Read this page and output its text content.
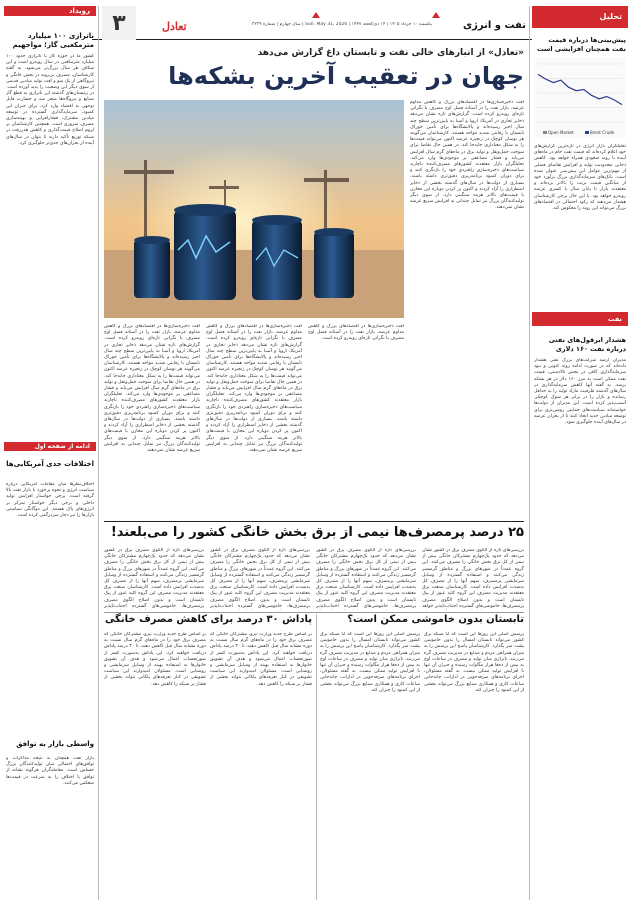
نفت و انرژی
یکشنبه ۱۰ خرداد ۱۴۰۵ | ۱۴ ذی‌الحجه ۱۴۴۷ | Sun. May 31, 2026 | سال چهارم | شماره ۳۲۳۹
تعادل
۳
رویداد
ناترازی ۱۰۰ میلیارد مترمکعبی گاز؛ مواجهیم
کشور ما در حوزه گاز با ناترازی حدود ۱۰۰ میلیارد مترمکعبی در سال روبه‌رو است و این شکاف هر سال بزرگ‌تر می‌شود. به گفته کارشناسان، مصرف بی‌رویه در بخش خانگی و نیروگاهی از یک سو و افت تولید میادین قدیمی از سوی دیگر این وضعیت را پدید آورده است. در زمستان‌های گذشته این ناترازی به قطع گاز صنایع و نیروگاه‌ها منجر شد و خسارت قابل توجهی به اقتصاد وارد کرد. برای جبران این کمبود، سرمایه‌گذاری گسترده در توسعه میادین مشترک، فشارافزایی و بهینه‌سازی مصرف ضروری است. همچنین کارشناسان بر لزوم اصلاح قیمت‌گذاری و کاهش هدررفت در شبکه توزیع تأکید دارند تا بتوان در سال‌های آینده از بحران‌های جدی‌تر جلوگیری کرد.
ادامه از صفحه اول
اختلافات جدی آمریکایی‌ها
اختلاف‌نظرها میان مقامات آمریکایی درباره سیاست انرژی و نحوه برخورد با بازار نفت بالا گرفته است. برخی خواستار افزایش تولید داخلی و برخی دیگر خواستار تمرکز بر انرژی‌های پاک هستند. این دوگانگی سیاستی بازارها را نیز دچار سردرگمی کرده است.
واسطی بازار به توافق
بازار نفت همچنان به نتیجه مذاکرات و توافق‌های احتمالی میان تولیدکنندگان بزرگ حساس است. معامله‌گران هرگونه نشانه از توافق یا اختلاف را به سرعت در قیمت‌ها منعکس می‌کنند.
تحلیل
پیش‌بینی‌ها درباره قیمت نفت همچنان افزایشی است
Open Market	Brent Crude
تحلیلگران بازار انرژی در تازه‌ترین گزارش‌های خود اعلام کرده‌اند که قیمت نفت خام در ماه‌های آینده با روند صعودی همراه خواهد بود. کاهش ذخایر، محدودیت تولید و افزایش تقاضای فصلی از مهم‌ترین عوامل این پیش‌بینی عنوان شده است. بانک‌های سرمایه‌گذاری بزرگ برآورد خود از میانگین قیمت برنت را بالاتر برده‌اند و معتقدند بازار تا پایان سال با کسری عرضه روبه‌رو خواهد بود. با این حال برخی کارشناسان هشدار می‌دهند که رکود احتمالی در اقتصادهای بزرگ می‌تواند این روند را معکوس کند.
نفت
هشدار ابرقول‌های نفتی درباره نفت ۱۶۰ دلاری
مدیران ارشد شرکت‌های بزرگ نفتی هشدار داده‌اند که در صورت ادامه روند کنونی و نبود سرمایه‌گذاری کافی در بخش بالادستی، قیمت نفت ممکن است به مرز ۱۶۰ دلار در هر بشکه برسد. به گفته آنها کاهش سرمایه‌گذاری در سال‌های گذشته ظرفیت مازاد تولید را به حداقل رسانده و بازار را در برابر هر شوک کوچکی آسیب‌پذیر کرده است. این مدیران از دولت‌ها خواسته‌اند سیاست‌های حمایتی روشن‌تری برای توسعه میادین جدید اتخاذ کنند تا از بحران عرضه در سال‌های آینده جلوگیری شود.
«تعادل» از انبارهای خالی نفت و تابستان داغ گزارش می‌دهد
جهان در تعقیب آخرین بشکه‌ها
افت ذخیره‌سازی‌ها در اقتصادهای بزرگ و کاهش مداوم عرضه، بازار نفت را در آستانه فصل اوج مصرف با نگرانی تازه‌ای روبه‌رو کرده است. گزارش‌های تازه نشان می‌دهد ذخایر تجاری در آمریکا، اروپا و آسیا به پایین‌ترین سطح چند سال اخیر رسیده‌اند و پالایشگاه‌ها برای تأمین خوراک تابستان با رقابتی شدید مواجه هستند. کارشناسان می‌گویند هر نوسان کوچک در زنجیره عرضه اکنون می‌تواند قیمت‌ها را به شکل معناداری جابه‌جا کند. در همین حال تقاضا برای سوخت حمل‌ونقل و تولید برق در ماه‌های گرم سال افزایش می‌یابد و فشار مضاعفی بر موجودی‌ها وارد می‌کند. تحلیلگران بازار معتقدند کشورهای مصرف‌کننده ناچارند سیاست‌های ذخیره‌سازی راهبردی خود را بازنگری کنند و برای دوران کمبود برنامه‌ریزی دقیق‌تری داشته باشند. بسیاری از دولت‌ها در سال‌های گذشته بخشی از ذخایر اضطراری را آزاد کردند و اکنون پر کردن دوباره این مخازن با قیمت‌های بالاتر هزینه سنگینی دارد. از سوی دیگر تولیدکنندگان بزرگ نیز تمایل چندانی به افزایش سریع عرضه نشان نمی‌دهند.
افت ذخیره‌سازی‌ها در اقتصادهای بزرگ و کاهش مداوم عرضه، بازار نفت را در آستانه فصل اوج مصرف با نگرانی تازه‌ای روبه‌رو کرده است. گزارش‌های تازه نشان می‌دهد ذخایر تجاری در آمریکا، اروپا و آسیا به پایین‌ترین سطح چند سال اخیر رسیده‌اند و پالایشگاه‌ها برای تأمین خوراک تابستان با رقابتی شدید مواجه هستند. کارشناسان می‌گویند هر نوسان کوچک در زنجیره عرضه اکنون می‌تواند قیمت‌ها را به شکل معناداری جابه‌جا کند. در همین حال تقاضا برای سوخت حمل‌ونقل و تولید برق در ماه‌های گرم سال افزایش می‌یابد و فشار مضاعفی بر موجودی‌ها وارد می‌کند. تحلیلگران بازار معتقدند کشورهای مصرف‌کننده ناچارند سیاست‌های ذخیره‌سازی راهبردی خود را بازنگری کنند و برای دوران کمبود برنامه‌ریزی دقیق‌تری داشته باشند. بسیاری از دولت‌ها در سال‌های گذشته بخشی از ذخایر اضطراری را آزاد کردند و اکنون پر کردن دوباره این مخازن با قیمت‌های بالاتر هزینه سنگینی دارد. از سوی دیگر تولیدکنندگان بزرگ نیز تمایل چندانی به افزایش سریع عرضه نشان نمی‌دهند.
افت ذخیره‌سازی‌ها در اقتصادهای بزرگ و کاهش مداوم عرضه، بازار نفت را در آستانه فصل اوج مصرف با نگرانی تازه‌ای روبه‌رو کرده است. گزارش‌های تازه نشان می‌دهد ذخایر تجاری در آمریکا، اروپا و آسیا به پایین‌ترین سطح چند سال اخیر رسیده‌اند و پالایشگاه‌ها برای تأمین خوراک تابستان با رقابتی شدید مواجه هستند. کارشناسان می‌گویند هر نوسان کوچک در زنجیره عرضه اکنون می‌تواند قیمت‌ها را به شکل معناداری جابه‌جا کند. در همین حال تقاضا برای سوخت حمل‌ونقل و تولید برق در ماه‌های گرم سال افزایش می‌یابد و فشار مضاعفی بر موجودی‌ها وارد می‌کند. تحلیلگران بازار معتقدند کشورهای مصرف‌کننده ناچارند سیاست‌های ذخیره‌سازی راهبردی خود را بازنگری کنند و برای دوران کمبود برنامه‌ریزی دقیق‌تری داشته باشند. بسیاری از دولت‌ها در سال‌های گذشته بخشی از ذخایر اضطراری را آزاد کردند و اکنون پر کردن دوباره این مخازن با قیمت‌های بالاتر هزینه سنگینی دارد. از سوی دیگر تولیدکنندگان بزرگ نیز تمایل چندانی به افزایش سریع عرضه نشان نمی‌دهند.
افت ذخیره‌سازی‌ها در اقتصادهای بزرگ و کاهش مداوم عرضه، بازار نفت را در آستانه فصل اوج مصرف با نگرانی تازه‌ای روبه‌رو کرده است.
۲۵ درصد پرمصرف‌ها نیمی از برق بخش خانگی کشور را می‌بلعند!
بررسی‌های تازه از الگوی مصرف برق در کشور نشان می‌دهد که حدود یک‌چهارم مشترکان خانگی بیش از نیمی از کل برق بخش خانگی را مصرف می‌کنند. این گروه عمدتاً در شهرهای بزرگ و مناطق گرمسیر زندگی می‌کنند و استفاده گسترده از وسایل سرمایشی پرمصرف، سهم آنها را از مصرف کل به‌شدت افزایش داده است. کارشناسان صنعت برق معتقدند مدیریت مصرف این گروه کلید عبور از پیک تابستان است و بدون اصلاح الگوی مصرف پرمصرف‌ها، خاموشی‌های گسترده اجتناب‌ناپذیر
بررسی‌های تازه از الگوی مصرف برق در کشور نشان می‌دهد که حدود یک‌چهارم مشترکان خانگی بیش از نیمی از کل برق بخش خانگی را مصرف می‌کنند. این گروه عمدتاً در شهرهای بزرگ و مناطق گرمسیر زندگی می‌کنند و استفاده گسترده از وسایل سرمایشی پرمصرف، سهم آنها را از مصرف کل به‌شدت افزایش داده است. کارشناسان صنعت برق معتقدند مدیریت مصرف این گروه کلید عبور از پیک تابستان است و بدون اصلاح الگوی مصرف پرمصرف‌ها، خاموشی‌های گسترده اجتناب‌ناپذیر
بررسی‌های تازه از الگوی مصرف برق در کشور نشان می‌دهد که حدود یک‌چهارم مشترکان خانگی بیش از نیمی از کل برق بخش خانگی را مصرف می‌کنند. این گروه عمدتاً در شهرهای بزرگ و مناطق گرمسیر زندگی می‌کنند و استفاده گسترده از وسایل سرمایشی پرمصرف، سهم آنها را از مصرف کل به‌شدت افزایش داده است. کارشناسان صنعت برق معتقدند مدیریت مصرف این گروه کلید عبور از پیک تابستان است و بدون اصلاح الگوی مصرف پرمصرف‌ها، خاموشی‌های گسترده اجتناب‌ناپذیر
بررسی‌های تازه از الگوی مصرف برق در کشور نشان می‌دهد که حدود یک‌چهارم مشترکان خانگی بیش از نیمی از کل برق بخش خانگی را مصرف می‌کنند. این گروه عمدتاً در شهرهای بزرگ و مناطق گرمسیر زندگی می‌کنند و استفاده گسترده از وسایل سرمایشی پرمصرف، سهم آنها را از مصرف کل به‌شدت افزایش داده است. کارشناسان صنعت برق معتقدند مدیریت مصرف این گروه کلید عبور از پیک تابستان است و بدون اصلاح الگوی مصرف پرمصرف‌ها، خاموشی‌های گسترده اجتناب‌ناپذیر خواهد
تابستان بدون خاموشی ممکن است؟
پرسش اصلی این روزها این است که آیا شبکه برق کشور می‌تواند تابستان امسال را بدون خاموشی پشت سر بگذارد. کارشناسان پاسخ این پرسش را به میزان همراهی مردم و صنایع در مدیریت مصرف گره می‌زنند. ناترازی میان تولید و مصرف در ساعات اوج به بیش از ده‌ها هزار مگاوات رسیده و جبران آن تنها با افزایش تولید ممکن نیست. به گفته مسئولان، اجرای برنامه‌های صرفه‌جویی در ادارات، جابه‌جایی ساعات کاری و همکاری صنایع بزرگ می‌تواند بخشی از این کمبود را جبران کند.
پرسش اصلی این روزها این است که آیا شبکه برق کشور می‌تواند تابستان امسال را بدون خاموشی پشت سر بگذارد. کارشناسان پاسخ این پرسش را به میزان همراهی مردم و صنایع در مدیریت مصرف گره می‌زنند. ناترازی میان تولید و مصرف در ساعات اوج به بیش از ده‌ها هزار مگاوات رسیده و جبران آن تنها با افزایش تولید ممکن نیست. به گفته مسئولان، اجرای برنامه‌های صرفه‌جویی در ادارات، جابه‌جایی ساعات کاری و همکاری صنایع بزرگ می‌تواند بخشی از این کمبود را جبران کند.
پاداش ۳۰ درصد برای کاهش مصرف خانگی
بر اساس طرح جدید وزارت نیرو، مشترکان خانگی که مصرف برق خود را در ماه‌های گرم سال نسبت به دوره مشابه سال قبل کاهش دهند، تا ۳۰ درصد پاداش دریافت خواهند کرد. این پاداش به‌صورت کسر از صورتحساب اعمال می‌شود و هدف آن تشویق خانوارها به استفاده بهینه از وسایل سرمایشی و روشنایی است. مسئولان امیدوارند این سیاست تشویقی در کنار تعرفه‌های پلکانی بتواند بخشی از فشار بر شبکه را کاهش دهد.
بر اساس طرح جدید وزارت نیرو، مشترکان خانگی که مصرف برق خود را در ماه‌های گرم سال نسبت به دوره مشابه سال قبل کاهش دهند، تا ۳۰ درصد پاداش دریافت خواهند کرد. این پاداش به‌صورت کسر از صورتحساب اعمال می‌شود و هدف آن تشویق خانوارها به استفاده بهینه از وسایل سرمایشی و روشنایی است. مسئولان امیدوارند این سیاست تشویقی در کنار تعرفه‌های پلکانی بتواند بخشی از فشار بر شبکه را کاهش دهد.
